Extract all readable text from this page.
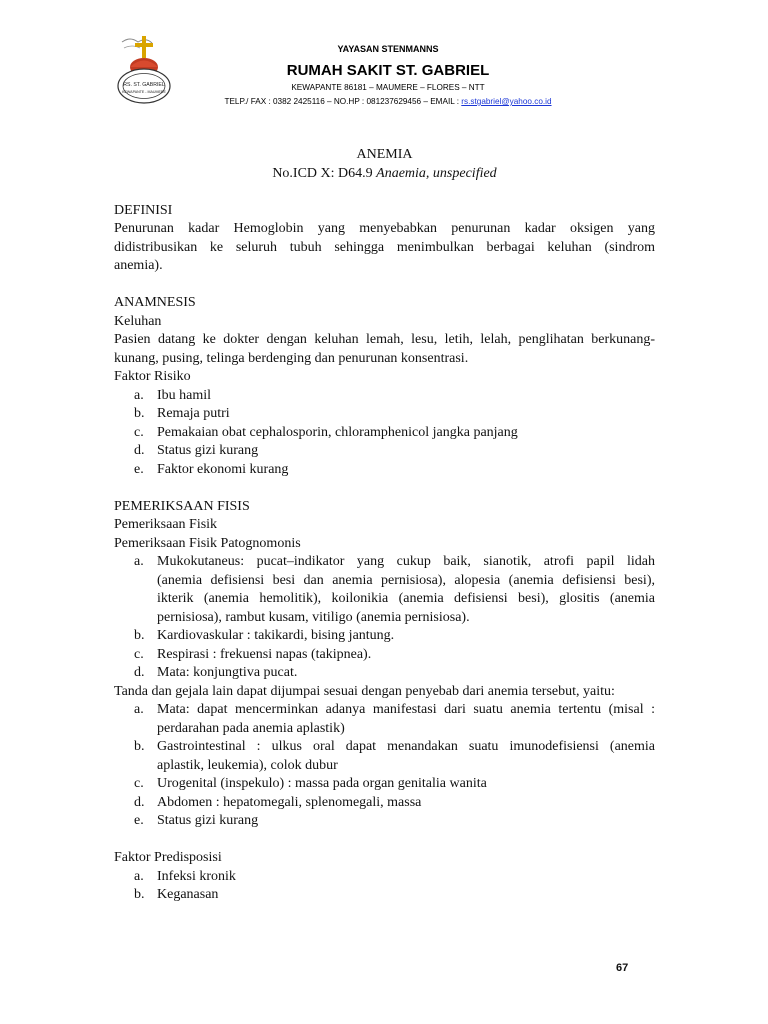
RS. ST. GABRIEL
KEWAPANTE - MAUMERE
YAYASAN STENMANNS
RUMAH SAKIT ST. GABRIEL
KEWAPANTE 86181 – MAUMERE – FLORES – NTT
TELP./ FAX : 0382 2425116 – NO.HP : 081237629456 – EMAIL : rs.stgabriel@yahoo.co.id
ANEMIA
No.ICD X: D64.9 Anaemia, unspecified
DEFINISI
Penurunan kadar Hemoglobin yang menyebabkan penurunan kadar oksigen yang
didistribusikan ke seluruh tubuh sehingga menimbulkan berbagai keluhan (sindrom
anemia).
ANAMNESIS
Keluhan
Pasien datang ke dokter dengan keluhan lemah, lesu, letih, lelah, penglihatan berkunang-
kunang, pusing, telinga berdenging dan penurunan konsentrasi.
Faktor Risiko
a. Ibu hamil
b. Remaja putri
c. Pemakaian obat cephalosporin, chloramphenicol jangka panjang
d. Status gizi kurang
e. Faktor ekonomi kurang
PEMERIKSAAN FISIS
Pemeriksaan Fisik
Pemeriksaan Fisik Patognomonis
a. Mukokutaneus: pucat–indikator yang cukup baik, sianotik, atrofi papil lidah
(anemia defisiensi besi dan anemia pernisiosa), alopesia (anemia defisiensi besi),
ikterik (anemia hemolitik), koilonikia (anemia defisiensi besi), glositis (anemia
pernisiosa), rambut kusam, vitiligo (anemia pernisiosa).
b. Kardiovaskular : takikardi, bising jantung.
c. Respirasi : frekuensi napas (takipnea).
d. Mata: konjungtiva pucat.
Tanda dan gejala lain dapat dijumpai sesuai dengan penyebab dari anemia tersebut, yaitu:
a. Mata: dapat mencerminkan adanya manifestasi dari suatu anemia tertentu (misal :
perdarahan pada anemia aplastik)
b. Gastrointestinal : ulkus oral dapat menandakan suatu imunodefisiensi (anemia
aplastik, leukemia), colok dubur
c. Urogenital (inspekulo) : massa pada organ genitalia wanita
d. Abdomen : hepatomegali, splenomegali, massa
e. Status gizi kurang
Faktor Predisposisi
a. Infeksi kronik
b. Keganasan
67
